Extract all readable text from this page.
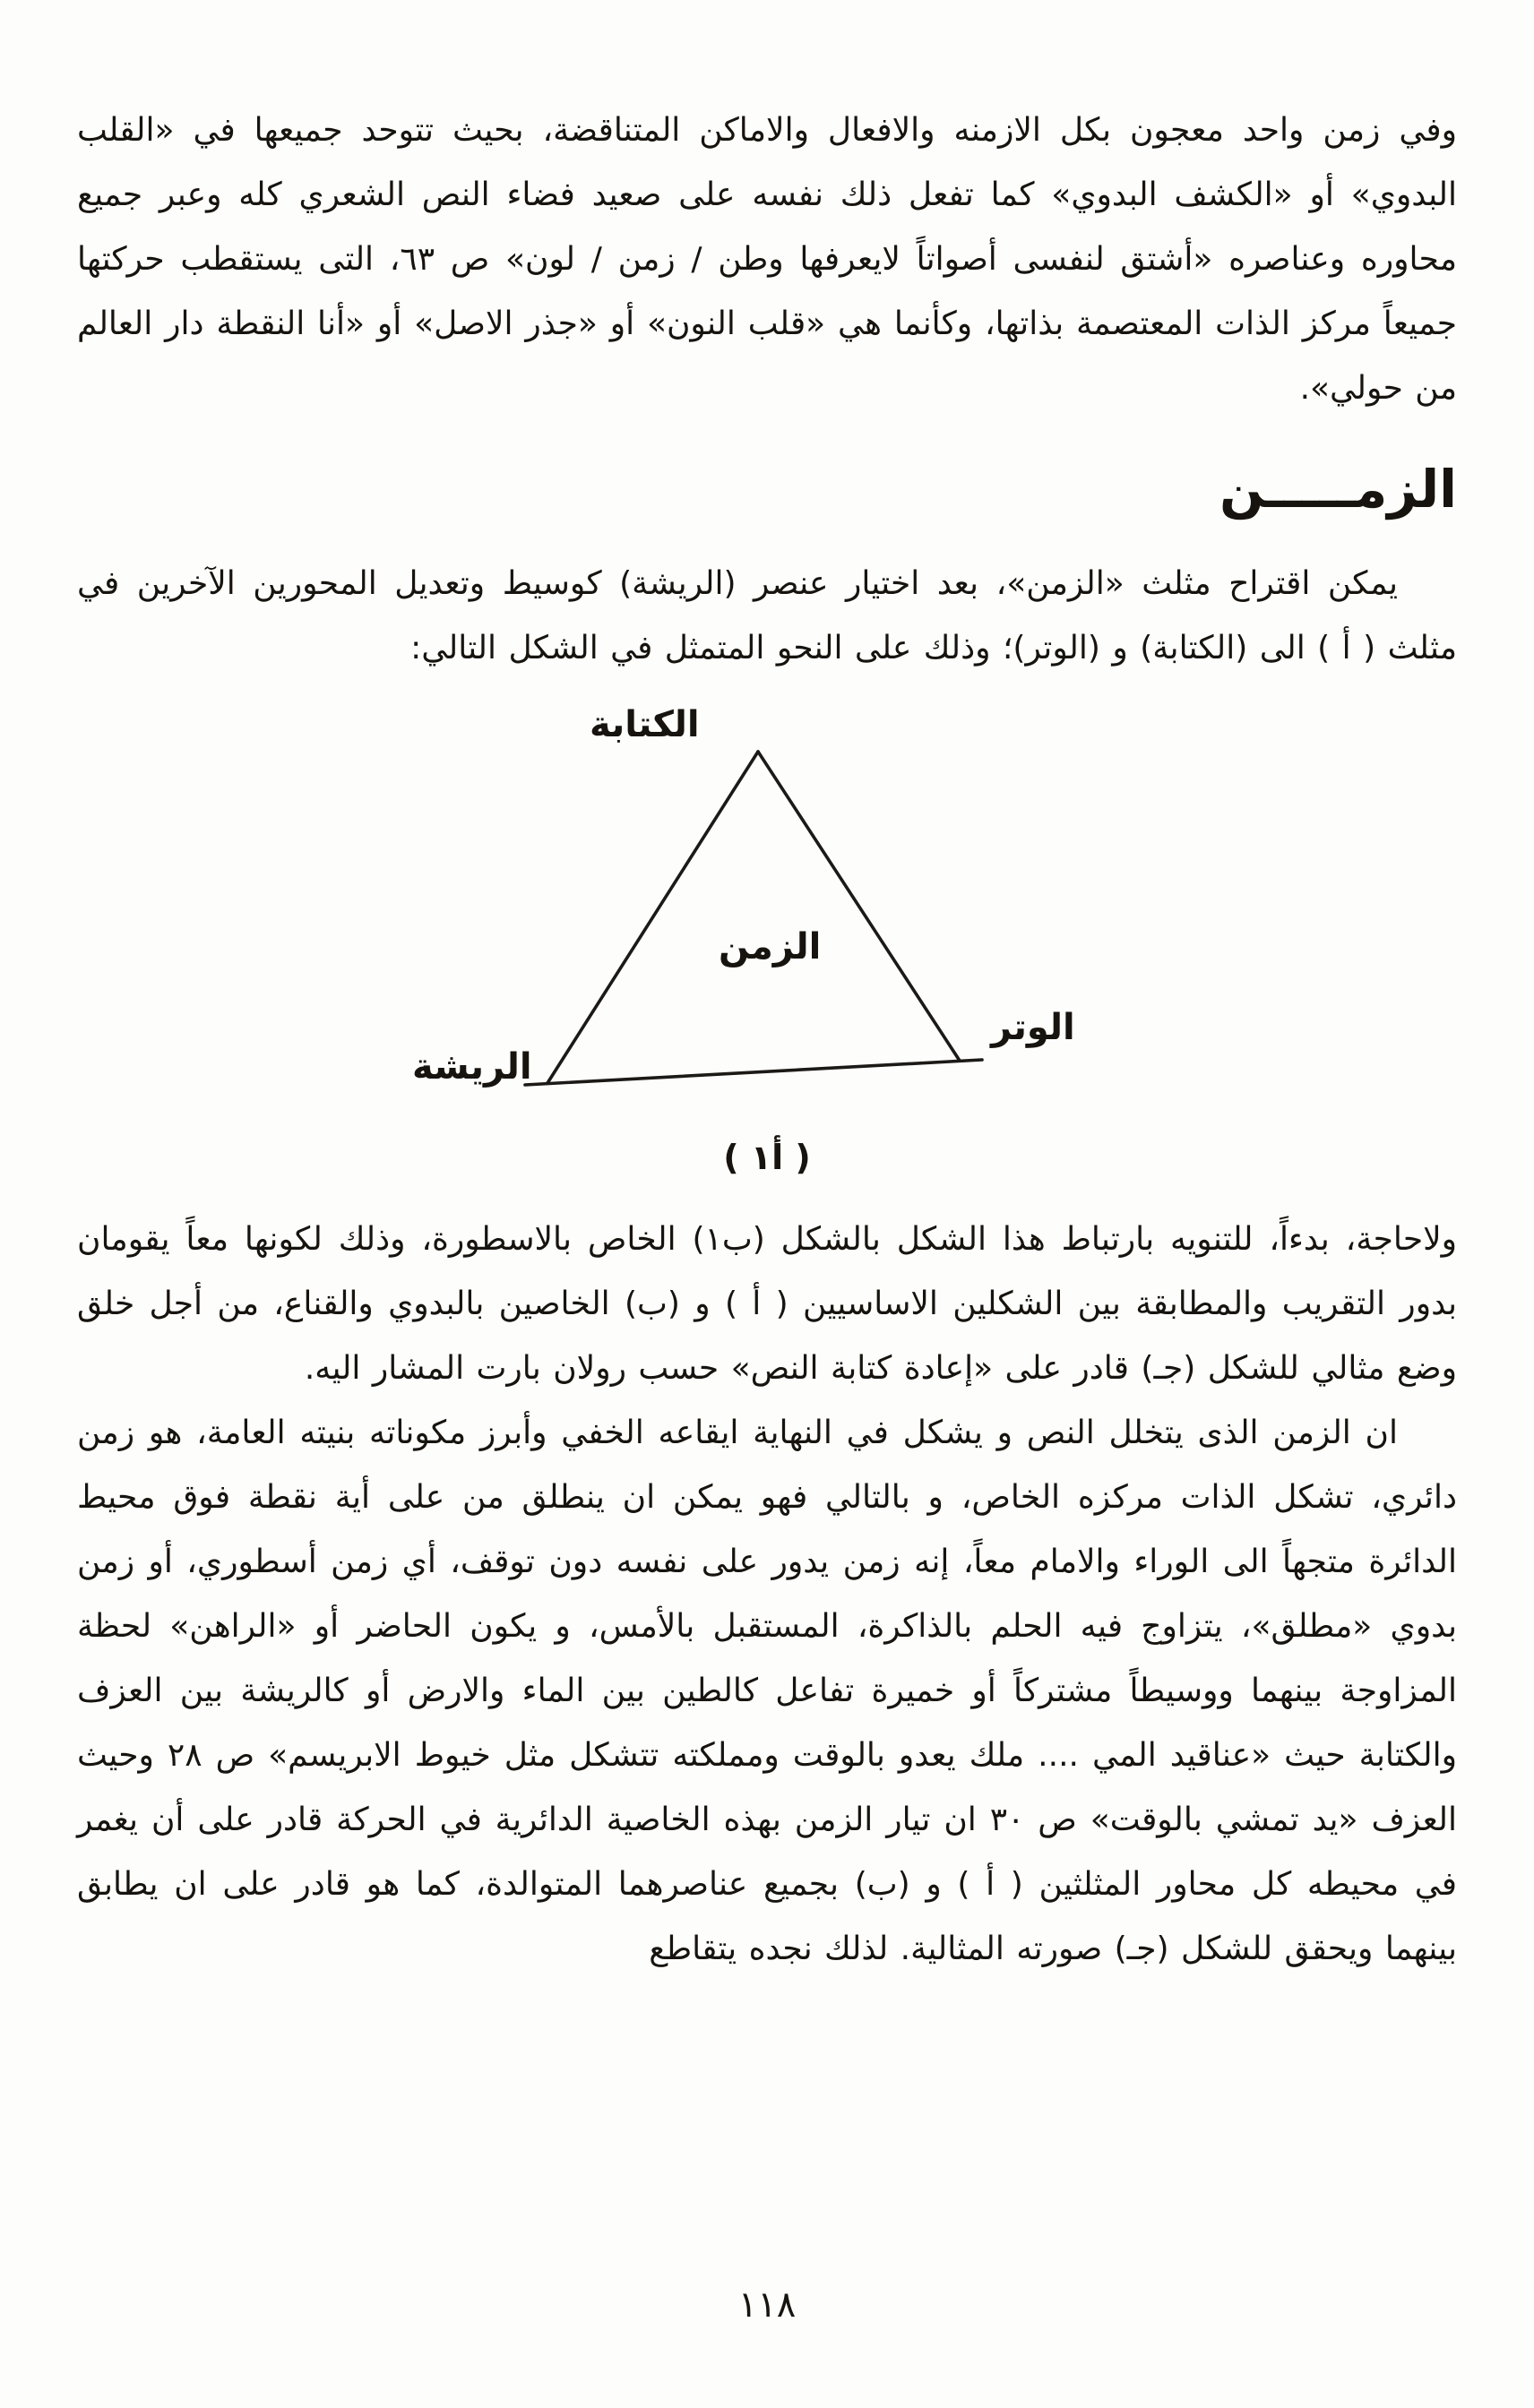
وفي زمن واحد معجون بكل الازمنه والافعال والاماكن المتناقضة، بحيث تتوحد جميعها في «القلب البدوي» أو «الكشف البدوي» كما تفعل ذلك نفسه على صعيد فضاء النص الشعري كله وعبر جميع محاوره وعناصره «أشتق لنفسى أصواتاً لايعرفها وطن / زمن / لون» ص ٦٣، التى يستقطب حركتها جميعاً مركز الذات المعتصمة بذاتها، وكأنما هي «قلب النون» أو «جذر الاصل» أو «أنا النقطة دار العالم من حولي».

الزمـــــن

يمكن اقتراح مثلث «الزمن»، بعد اختيار عنصر (الريشة) كوسيط وتعديل المحورين الآخرين في مثلث ( أ ) الى (الكتابة) و (الوتر)؛ وذلك على النحو المتمثل في الشكل التالي:

الكتابة
الزمن
الريشة
الوتر
( أ١ )

ولاحاجة، بدءاً، للتنويه بارتباط هذا الشكل بالشكل (ب١) الخاص بالاسطورة، وذلك لكونها معاً يقومان بدور التقريب والمطابقة بين الشكلين الاساسيين ( أ ) و (ب) الخاصين بالبدوي والقناع، من أجل خلق وضع مثالي للشكل (جـ) قادر على «إعادة كتابة النص» حسب رولان بارت المشار اليه.

ان الزمن الذى يتخلل النص و يشكل في النهاية ايقاعه الخفي وأبرز مكوناته بنيته العامة، هو زمن دائري، تشكل الذات مركزه الخاص، و بالتالي فهو يمكن ان ينطلق من على أية نقطة فوق محيط الدائرة متجهاً الى الوراء والامام معاً، إنه زمن يدور على نفسه دون توقف، أي زمن أسطوري، أو زمن بدوي «مطلق»، يتزاوج فيه الحلم بالذاكرة، المستقبل بالأمس، و يكون الحاضر أو «الراهن» لحظة المزاوجة بينهما ووسيطاً مشتركاً أو خميرة تفاعل كالطين بين الماء والارض أو كالريشة بين العزف والكتابة حيث «عناقيد المي .... ملك يعدو بالوقت ومملكته تتشكل مثل خيوط الابريسم» ص ٢٨ وحيث العزف «يد تمشي بالوقت» ص ٣٠ ان تيار الزمن بهذه الخاصية الدائرية في الحركة قادر على أن يغمر في محيطه كل محاور المثلثين ( أ ) و (ب) بجميع عناصرهما المتوالدة، كما هو قادر على ان يطابق بينهما ويحقق للشكل (جـ) صورته المثالية. لذلك نجده يتقاطع

١١٨
